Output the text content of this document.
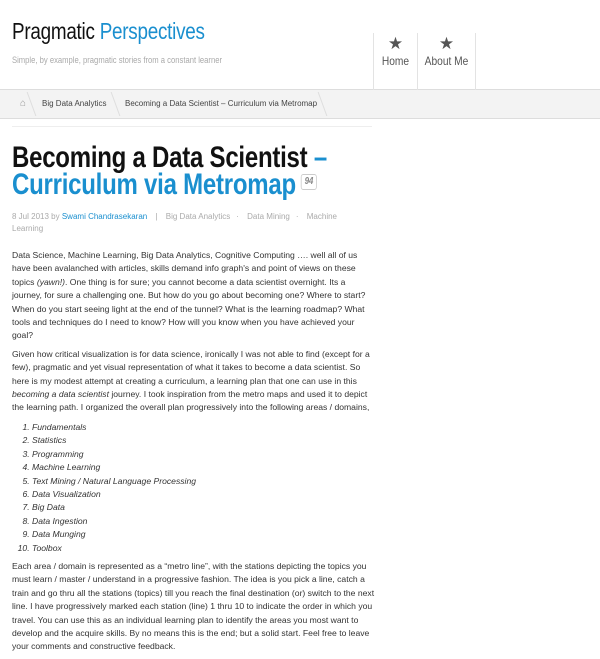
Pragmatic Perspectives
Simple, by example, pragmatic stories from a constant learner
★
Home
★
About Me
⌂ Big Data Analytics Becoming a Data Scientist – Curriculum via Metromap
Becoming a Data Scientist – Curriculum via Metromap 94
8 Jul 2013 by Swami Chandrasekaran | Big Data Analytics · Data Mining · Machine Learning

Data Science, Machine Learning, Big Data Analytics, Cognitive Computing …. well all of us have been avalanched with articles, skills demand info graph's and point of views on these topics (yawn!). One thing is for sure; you cannot become a data scientist overnight. Its a journey, for sure a challenging one. But how do you go about becoming one? Where to start? When do you start seeing light at the end of the tunnel? What is the learning roadmap? What tools and techniques do I need to know? How will you know when you have achieved your goal?

Given how critical visualization is for data science, ironically I was not able to find (except for a few), pragmatic and yet visual representation of what it takes to become a data scientist. So here is my modest attempt at creating a curriculum, a learning plan that one can use in this becoming a data scientist journey. I took inspiration from the metro maps and used it to depict the learning path. I organized the overall plan progressively into the following areas / domains,

1. Fundamentals
2. Statistics
3. Programming
4. Machine Learning
5. Text Mining / Natural Language Processing
6. Data Visualization
7. Big Data
8. Data Ingestion
9. Data Munging
10. Toolbox

Each area / domain is represented as a “metro line”, with the stations depicting the topics you must learn / master / understand in a progressive fashion. The idea is you pick a line, catch a train and go thru all the stations (topics) till you reach the final destination (or) switch to the next line. I have progressively marked each station (line) 1 thru 10 to indicate the order in which you travel. You can use this as an individual learning plan to identify the areas you most want to develop and the acquire skills. By no means this is the end; but a solid start. Feel free to leave your comments and constructive feedback.
